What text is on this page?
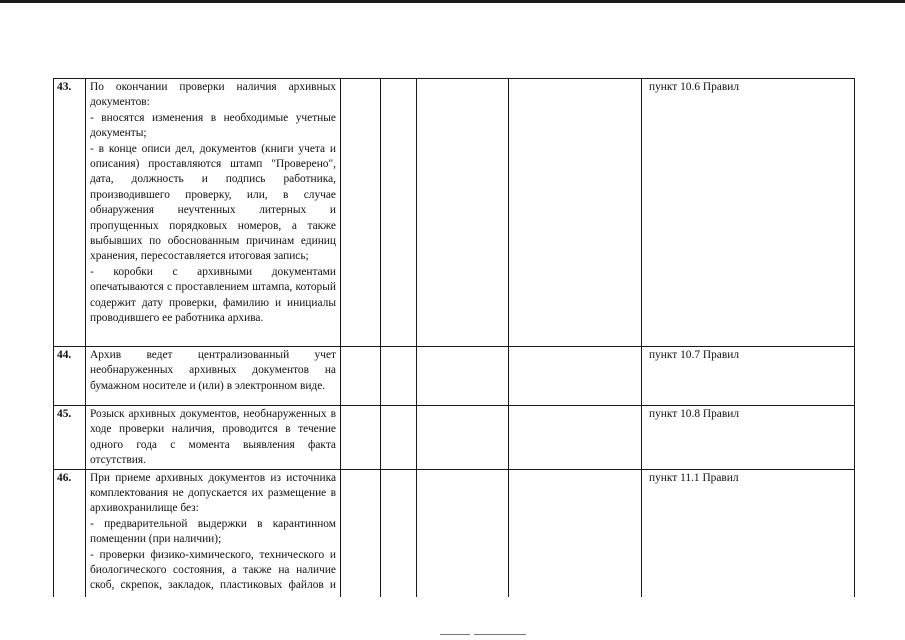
43.	По окончании проверки наличия архивных документов:

- вносятся изменения в необходимые учетные документы;

- в конце описи дел, документов (книги учета и описания) проставляются штамп "Проверено", дата, должность и подпись работника, производившего проверку, или, в случае обнаружения неучтенных литерных и пропущенных порядковых номеров, а также выбывших по обоснованным причинам единиц хранения, пересоставляется итоговая запись;

- коробки с архивными документами опечатываются с проставлением штампа, который содержит дату проверки, фамилию и инициалы проводившего ее работника архива.					пункт 10.6 Правил
44.	Архив ведет централизованный учет необнаруженных архивных документов на бумажном носителе и (или) в электронном виде.					пункт 10.7 Правил
45.	Розыск архивных документов, необнаруженных в ходе проверки наличия, проводится в течение одного года с момента выявления факта отсутствия.					пункт 10.8 Правил
46.	При приеме архивных документов из источника комплектования не допускается их размещение в архивохранилище без:

- предварительной выдержки в карантинном помещении (при наличии);

- проверки физико-химического, технического и биологического состояния, а также на наличие скоб, скрепок, закладок, пластиковых файлов и					пункт 11.1 Правил
